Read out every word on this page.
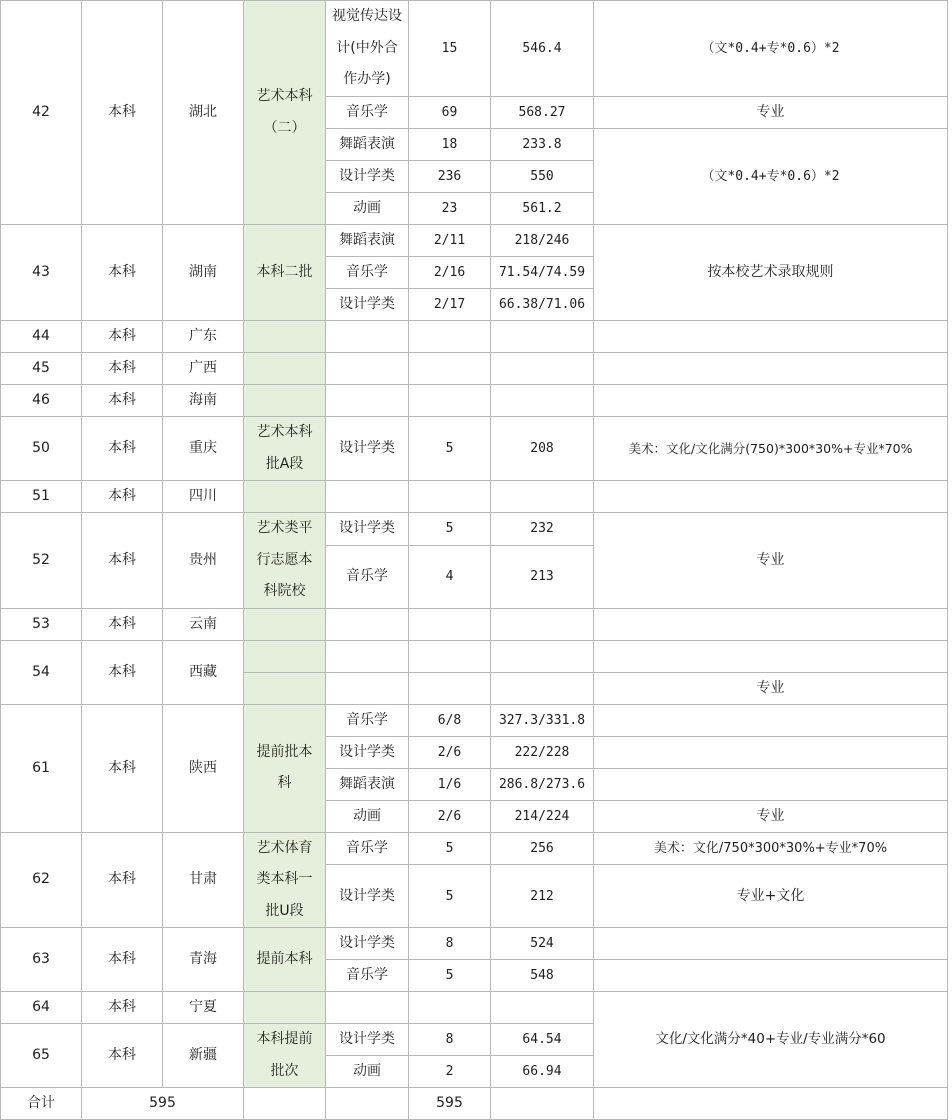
42	本科	湖北	艺术本科（二）	视觉传达设计(中外合作办学)	15	546.4	（文*0.4+专*0.6）*2
				音乐学	69	568.27	专业
				舞蹈表演	18	233.8	（文*0.4+专*0.6）*2
				设计学类	236	550	
				动画	23	561.2	
43	本科	湖南	本科二批	舞蹈表演	2/11	218/246	按本校艺术录取规则
				音乐学	2/16	71.54/74.59	
				设计学类	2/17	66.38/71.06	
44	本科	广东					
45	本科	广西					
46	本科	海南					
50	本科	重庆	艺术本科批A段	设计学类	5	208	美术：文化/文化满分(750)*300*30%+专业*70%
51	本科	四川					
52	本科	贵州	艺术类平行志愿本科院校	设计学类	5	232	专业
				音乐学	4	213	
53	本科	云南					
54	本科	西藏					
							专业
61	本科	陕西	提前批本科	音乐学	6/8	327.3/331.8	
				设计学类	2/6	222/228	
				舞蹈表演	1/6	286.8/273.6	
				动画	2/6	214/224	专业
62	本科	甘肃	艺术体育类本科一批U段	音乐学	5	256	美术：文化/750*300*30%+专业*70%
				设计学类	5	212	专业+文化
63	本科	青海	提前本科	设计学类	8	524	
				音乐学	5	548	
64	本科	宁夏					文化/文化满分*40+专业/专业满分*60
65	本科	新疆	本科提前批次	设计学类	8	64.54	
				动画	2	66.94	
合计	595				595		
